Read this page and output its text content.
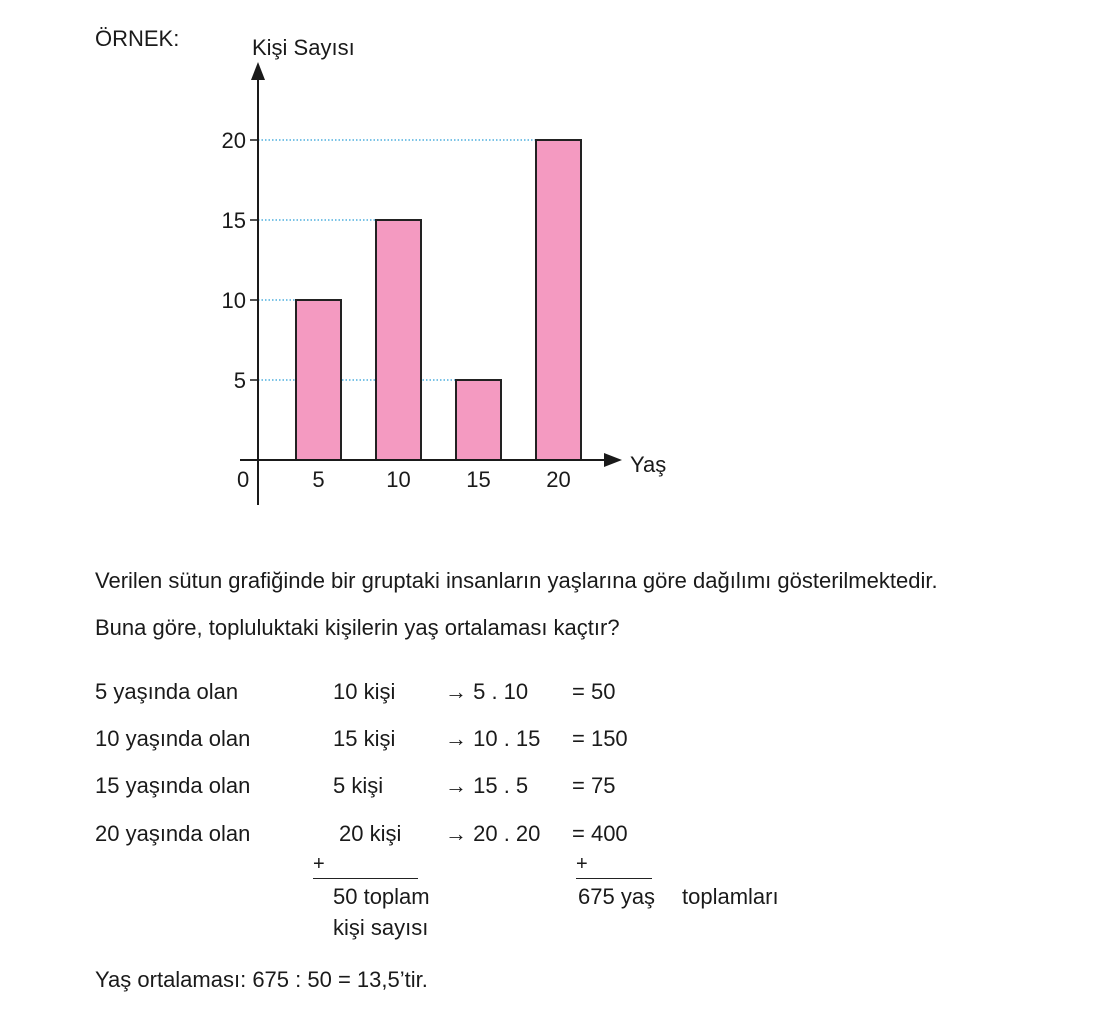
ÖRNEK:	Kişi Sayısı
Yaş
0
5
10
15
20
5	10	15	20
Verilen sütun grafiğinde bir gruptaki insanların yaşlarına göre dağılımı gösterilmektedir.
Buna göre, topluluktaki kişilerin yaş ortalaması kaçtır?
5 yaşında olan	10 kişi → 5 . 10 = 50
10 yaşında olan	15 kişi → 10 . 15 = 150
15 yaşında olan	5 kişi	→ 15 . 5 = 75
20 yaşında olan	20 kişi → 20 . 20 = 400
+	+
50 toplam
kişi sayısı
675 yaş toplamları
Yaş ortalaması: 675 : 50 = 13,5’tir.
